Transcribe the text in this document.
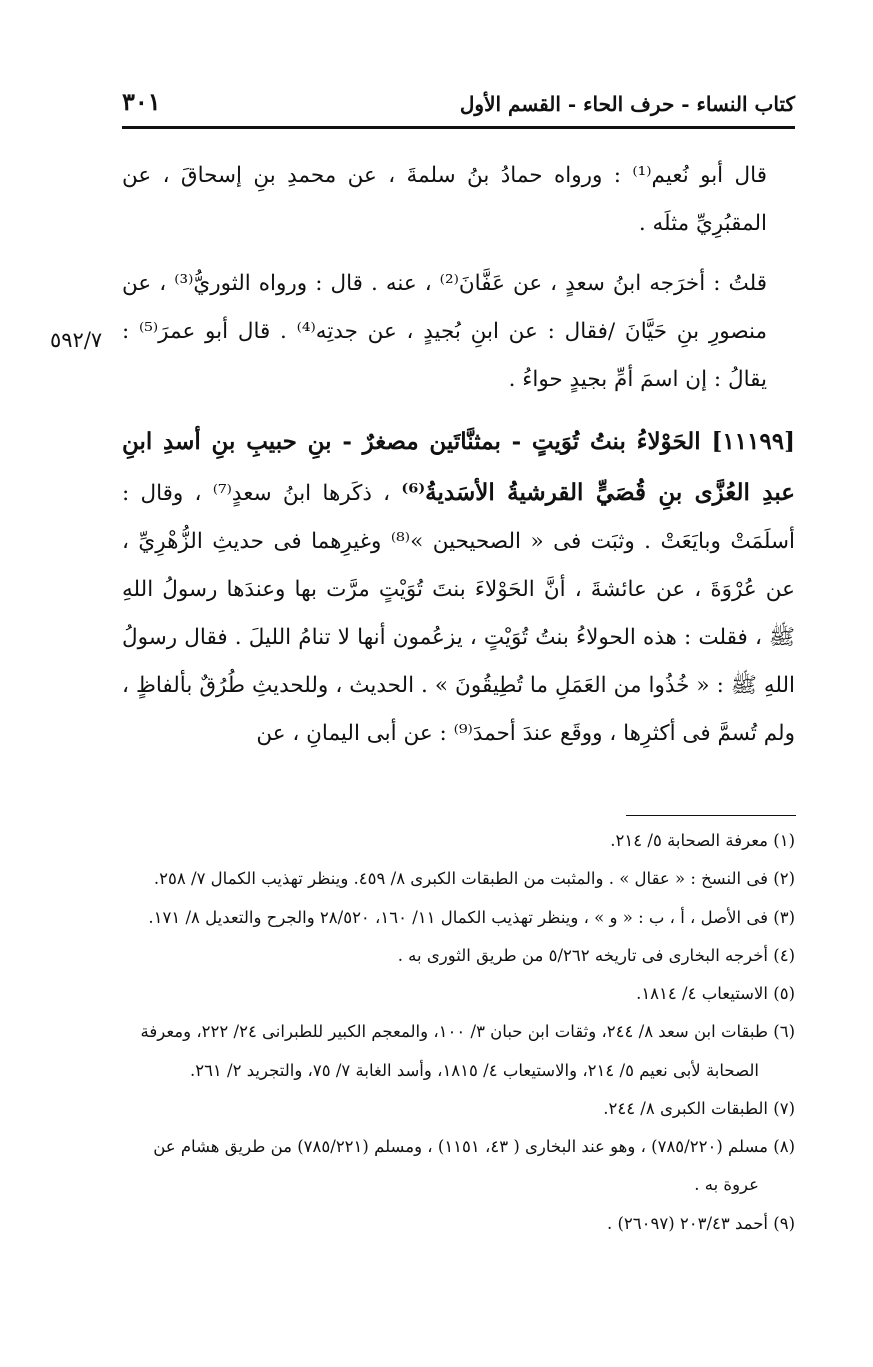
٣٠١	كتاب النساء - حرف الحاء - القسم الأول
٥٩٢/٧

قال أبو نُعيم⁽¹⁾ : ورواه حمادُ بنُ سلمةَ ، عن محمدِ بنِ إسحاقَ ، عن المقبُرِيِّ مثلَه .

قلتُ : أخرَجه ابنُ سعدٍ ، عن عَفَّانَ⁽²⁾ ، عنه . قال : ورواه الثوريُّ⁽³⁾ ، عن منصورِ بنِ حَيَّانَ /فقال : عن ابنِ بُجيدٍ ، عن جدتِه⁽⁴⁾ . قال أبو عمرَ⁽⁵⁾ : يقالُ : إن اسمَ أمِّ بجيدٍ حواءُ .

[١١١٩٩] الحَوْلاءُ بنتُ تُوَيتٍ - بمثنَّاتَين مصغرٌ - بنِ حبيبِ بنِ أسدِ ابنِ عبدِ العُزَّى بنِ قُصَيٍّ القرشيةُ الأسَديةُ⁽⁶⁾ ، ذكَرها ابنُ سعدٍ⁽⁷⁾ ، وقال : أسلَمَتْ وبايَعَتْ . وثبَت فى « الصحيحين »⁽⁸⁾ وغيرِهما فى حديثِ الزُّهْرِيِّ ، عن عُرْوَةَ ، عن عائشةَ ، أنَّ الحَوْلاءَ بنتَ تُوَيْتٍ مرَّت بها وعندَها رسولُ اللهِ ﷺ ، فقلت : هذه الحولاءُ بنتُ تُوَيْتٍ ، يزعُمون أنها لا تنامُ الليلَ . فقال رسولُ اللهِ ﷺ : « خُذُوا من العَمَلِ ما تُطِيقُونَ » . الحديث ، وللحديثِ طُرُقٌ بألفاظٍ ، ولم تُسمَّ فى أكثرِها ، ووقَع عندَ أحمدَ⁽⁹⁾ : عن أبى اليمانِ ، عن

(١) معرفة الصحابة ٥/ ٢١٤.

(٢) فى النسخ : « عقال » . والمثبت من الطبقات الكبرى ٨/ ٤٥٩. وينظر تهذيب الكمال ٧/ ٢٥٨.

(٣) فى الأصل ، أ ، ب : « و » ، وينظر تهذيب الكمال ١١/ ١٦٠، ٢٨/٥٢٠ والجرح والتعديل ٨/ ١٧١.

(٤) أخرجه البخارى فى تاريخه ٥/٢٦٢ من طريق الثورى به .

(٥) الاستيعاب ٤/ ١٨١٤.

(٦) طبقات ابن سعد ٨/ ٢٤٤، وثقات ابن حبان ٣/ ١٠٠، والمعجم الكبير للطبرانى ٢٤/ ٢٢٢، ومعرفة الصحابة لأبى نعيم ٥/ ٢١٤، والاستيعاب ٤/ ١٨١٥، وأسد الغابة ٧/ ٧٥، والتجريد ٢/ ٢٦١.

(٧) الطبقات الكبرى ٨/ ٢٤٤.

(٨) مسلم (٧٨٥/٢٢٠) ، وهو عند البخارى ( ٤٣، ١١٥١) ، ومسلم (٧٨٥/٢٢١) من طريق هشام عن عروة به .

(٩) أحمد ٢٠٣/٤٣ (٢٦٠٩٧) .
